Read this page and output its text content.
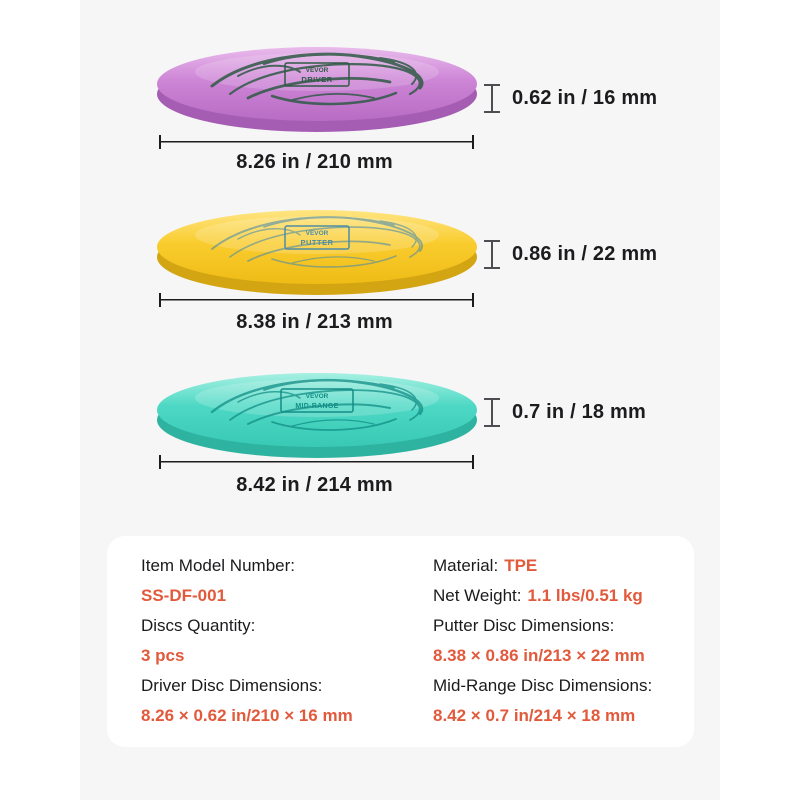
VEVOR
DRIVER
0.62 in / 16 mm
8.26 in / 210 mm
VEVOR
PUTTER	0.86 in / 22 mm
8.38 in / 213 mm
VEVOR
MID-RANGE	0.7 in / 18 mm
8.42 in / 214 mm
Item Model Number:
SS-DF-001
Discs Quantity:
3 pcs
Driver Disc Dimensions:
8.26 × 0.62 in/210 × 16 mm
Material: TPE
Net Weight: 1.1 lbs/0.51 kg
Putter Disc Dimensions:
8.38 × 0.86 in/213 × 22 mm
Mid-Range Disc Dimensions:
8.42 × 0.7 in/214 × 18 mm
